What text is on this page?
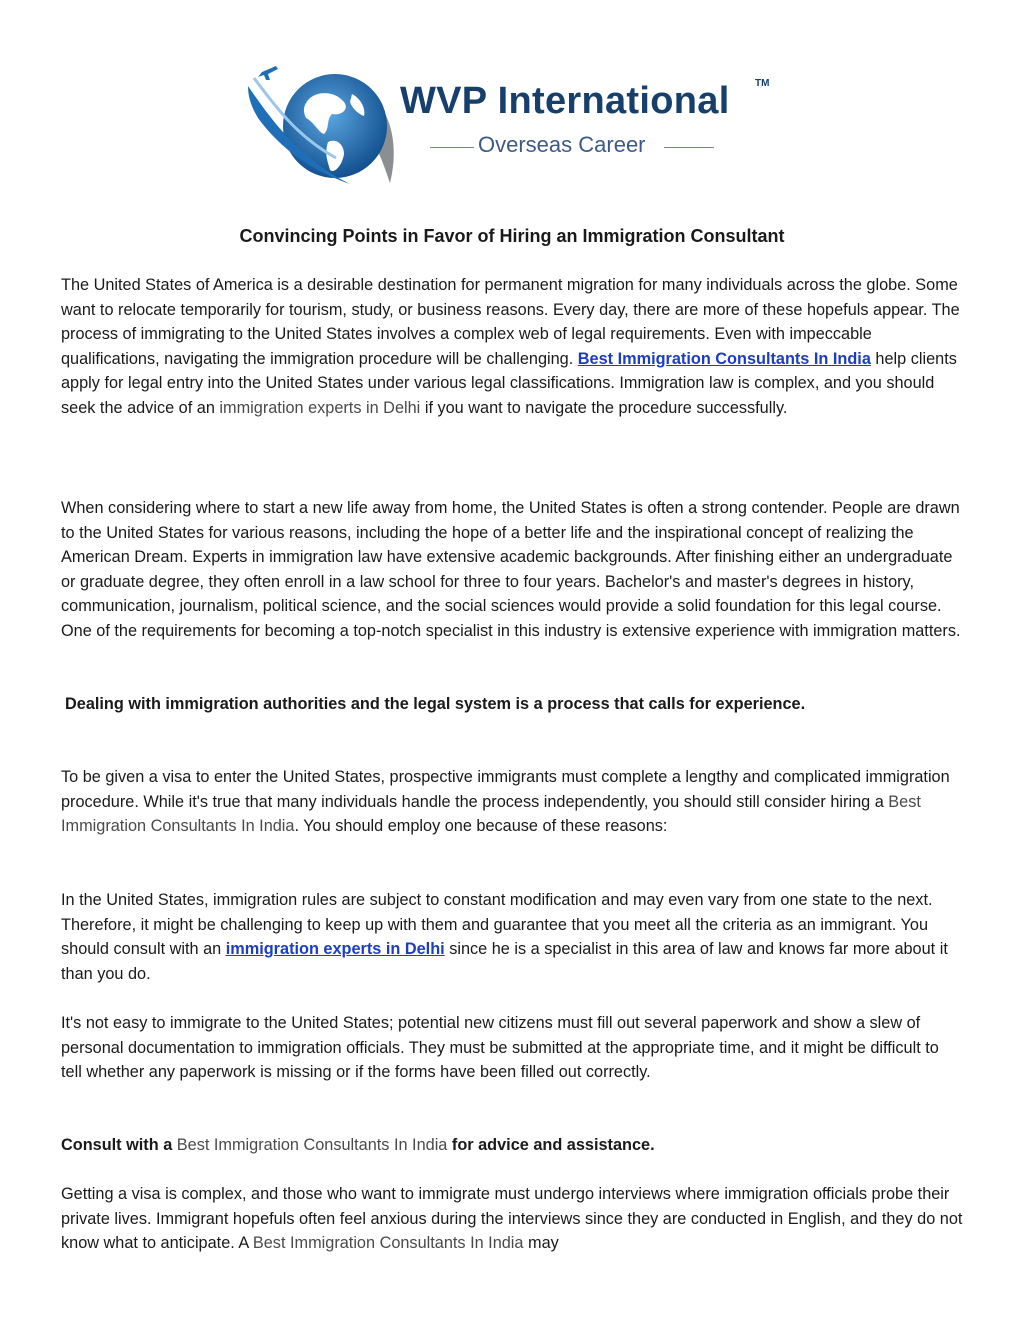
WVP International	TM
Overseas Career
Convincing Points in Favor of Hiring an Immigration Consultant

The United States of America is a desirable destination for permanent migration for many individuals across the globe. Some want to relocate temporarily for tourism, study, or business reasons. Every day, there are more of these hopefuls appear. The process of immigrating to the United States involves a complex web of legal requirements. Even with impeccable qualifications, navigating the immigration procedure will be challenging. Best Immigration Consultants In India help clients apply for legal entry into the United States under various legal classifications. Immigration law is complex, and you should seek the advice of an immigration experts in Delhi if you want to navigate the procedure successfully.

When considering where to start a new life away from home, the United States is often a strong contender. People are drawn to the United States for various reasons, including the hope of a better life and the inspirational concept of realizing the American Dream. Experts in immigration law have extensive academic backgrounds. After finishing either an undergraduate or graduate degree, they often enroll in a law school for three to four years. Bachelor's and master's degrees in history, communication, journalism, political science, and the social sciences would provide a solid foundation for this legal course. One of the requirements for becoming a top-notch specialist in this industry is extensive experience with immigration matters.

Dealing with immigration authorities and the legal system is a process that calls for experience.

To be given a visa to enter the United States, prospective immigrants must complete a lengthy and complicated immigration procedure. While it's true that many individuals handle the process independently, you should still consider hiring a Best Immigration Consultants In India. You should employ one because of these reasons:

In the United States, immigration rules are subject to constant modification and may even vary from one state to the next. Therefore, it might be challenging to keep up with them and guarantee that you meet all the criteria as an immigrant. You should consult with an immigration experts in Delhi since he is a specialist in this area of law and knows far more about it than you do.

It's not easy to immigrate to the United States; potential new citizens must fill out several paperwork and show a slew of personal documentation to immigration officials. They must be submitted at the appropriate time, and it might be difficult to tell whether any paperwork is missing or if the forms have been filled out correctly.

Consult with a Best Immigration Consultants In India for advice and assistance.

Getting a visa is complex, and those who want to immigrate must undergo interviews where immigration officials probe their private lives. Immigrant hopefuls often feel anxious during the interviews since they are conducted in English, and they do not know what to anticipate. A Best Immigration Consultants In India may
